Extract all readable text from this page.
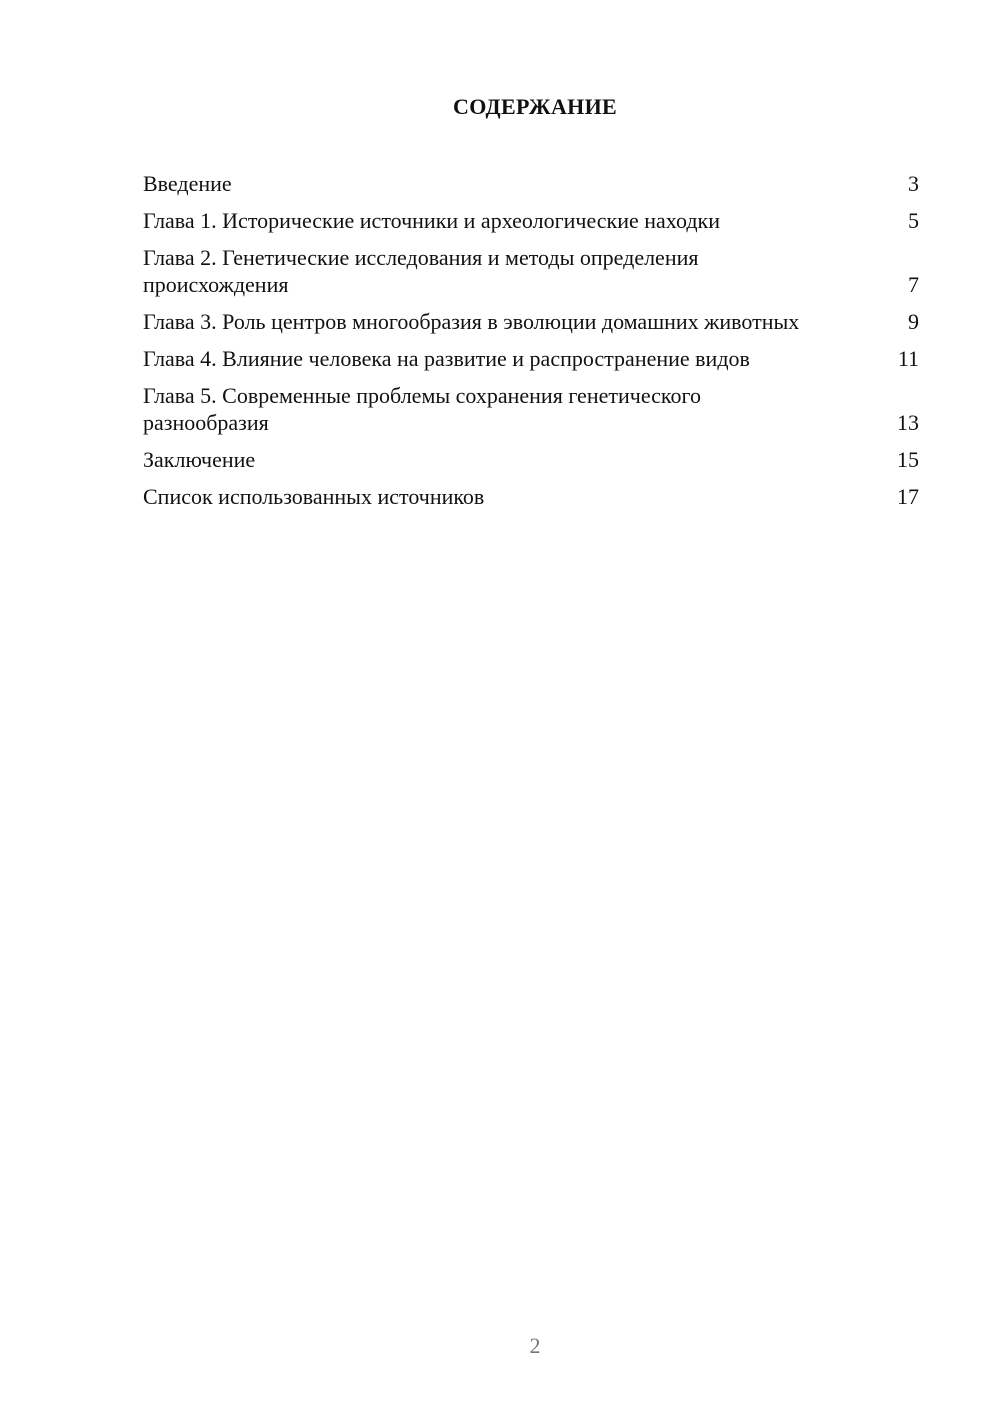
СОДЕРЖАНИЕ
Введение	3
Глава 1. Исторические источники и археологические находки	5
Глава 2. Генетические исследования и методы определения происхождения	7
Глава 3. Роль центров многообразия в эволюции домашних животных	9
Глава 4. Влияние человека на развитие и распространение видов	11
Глава 5. Современные проблемы сохранения генетического разнообразия	13
Заключение	15
Список использованных источников	17
2
